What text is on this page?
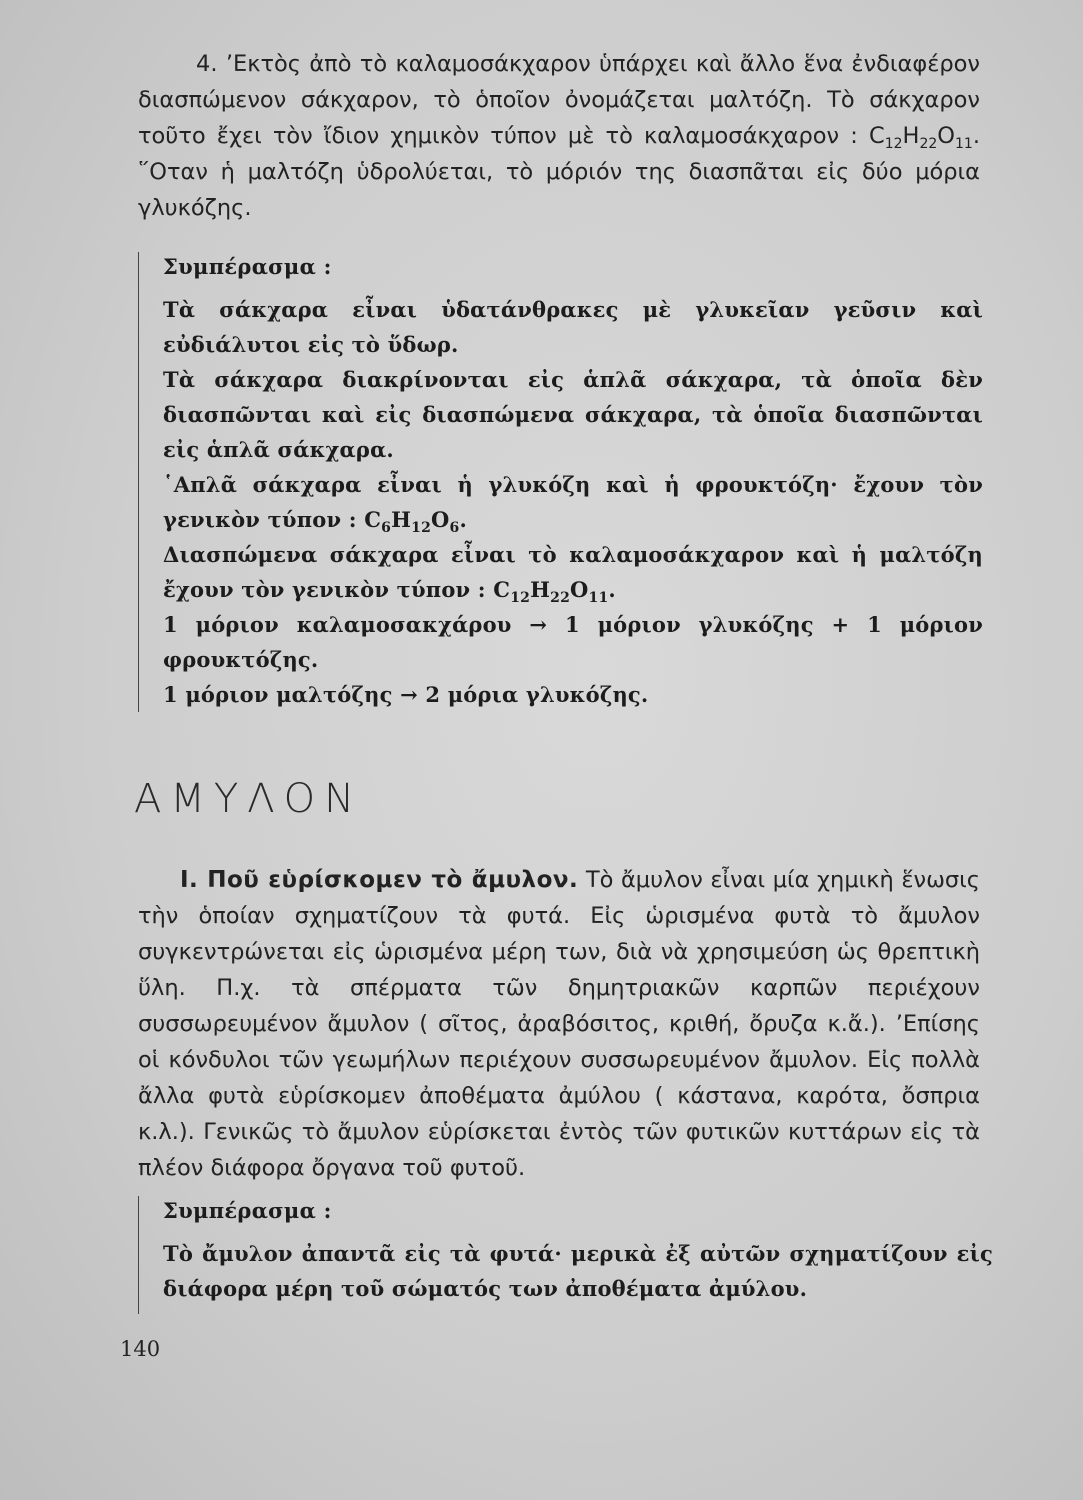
4. ’Εκτὸς ἀπὸ τὸ καλαμοσάκχαρον ὑπάρχει καὶ ἄλλο ἕνα ἐνδιαφέρον διασπώμενον σάκχαρον, τὸ ὁποῖον ὀνομάζεται μαλτόζη. Τὸ σάκχαρον τοῦτο ἔχει τὸν ἴδιον χημικὸν τύπον μὲ τὸ καλαμοσάκχαρον : $C_{12}H_{22}O_{11}$. ῞Οταν ἡ μαλτόζη ὑδρολύεται, τὸ μόριόν της διασπᾶται εἰς δύο μόρια γλυκόζης.
Συμπέρασμα :

Τὰ σάκχαρα εἶναι ὑδατάνθρακες μὲ γλυκεῖαν γεῦσιν καὶ εὐδιάλυτοι εἰς τὸ ὕδωρ.

Τὰ σάκχαρα διακρίνονται εἰς ἁπλᾶ σάκχαρα, τὰ ὁποῖα δὲν διασπῶνται καὶ εἰς διασπώμενα σάκχαρα, τὰ ὁποῖα διασπῶνται εἰς ἁπλᾶ σάκχαρα.

῾Απλᾶ σάκχαρα εἶναι ἡ γλυκόζη καὶ ἡ φρουκτόζη· ἔχουν τὸν γενικὸν τύπον : $C_6H_{12}O_6$.

Διασπώμενα σάκχαρα εἶναι τὸ καλαμοσάκχαρον καὶ ἡ μαλτόζη ἔχουν τὸν γενικὸν τύπον : $C_{12}H_{22}O_{11}$.

1 μόριον καλαμοσακχάρου → 1 μόριον γλυκόζης + 1 μόριον φρουκτόζης.

1 μόριον μαλτόζης → 2 μόρια γλυκόζης.

ΑΜΥΛΟΝ
Ι. Ποῦ εὑρίσκομεν τὸ ἄμυλον. Τὸ ἄμυλον εἶναι μία χημικὴ ἕνωσις τὴν ὁποίαν σχηματίζουν τὰ φυτά. Εἰς ὡρισμένα φυτὰ τὸ ἄμυλον συγκεντρώνεται εἰς ὡρισμένα μέρη των, διὰ νὰ χρησιμεύση ὡς θρεπτικὴ ὕλη. Π.χ. τὰ σπέρματα τῶν δημητριακῶν καρπῶν περιέχουν συσσωρευμένον ἄμυλον ( σῖτος, ἀραβόσιτος, κριθή, ὄρυζα κ.ἄ.). ’Επίσης οἱ κόνδυλοι τῶν γεωμήλων περιέχουν συσσωρευμένον ἄμυλον. Εἰς πολλὰ ἄλλα φυτὰ εὑρίσκομεν ἀποθέματα ἀμύλου ( κάστανα, καρότα, ὄσπρια κ.λ.). Γενικῶς τὸ ἄμυλον εὑρίσκεται ἐντὸς τῶν φυτικῶν κυττάρων εἰς τὰ πλέον διάφορα ὄργανα τοῦ φυτοῦ.
Συμπέρασμα :

Τὸ ἄμυλον ἀπαντᾶ εἰς τὰ φυτά· μερικὰ ἐξ αὐτῶν σχηματίζουν εἰς διάφορα μέρη τοῦ σώματός των ἀποθέματα ἀμύλου.

140
